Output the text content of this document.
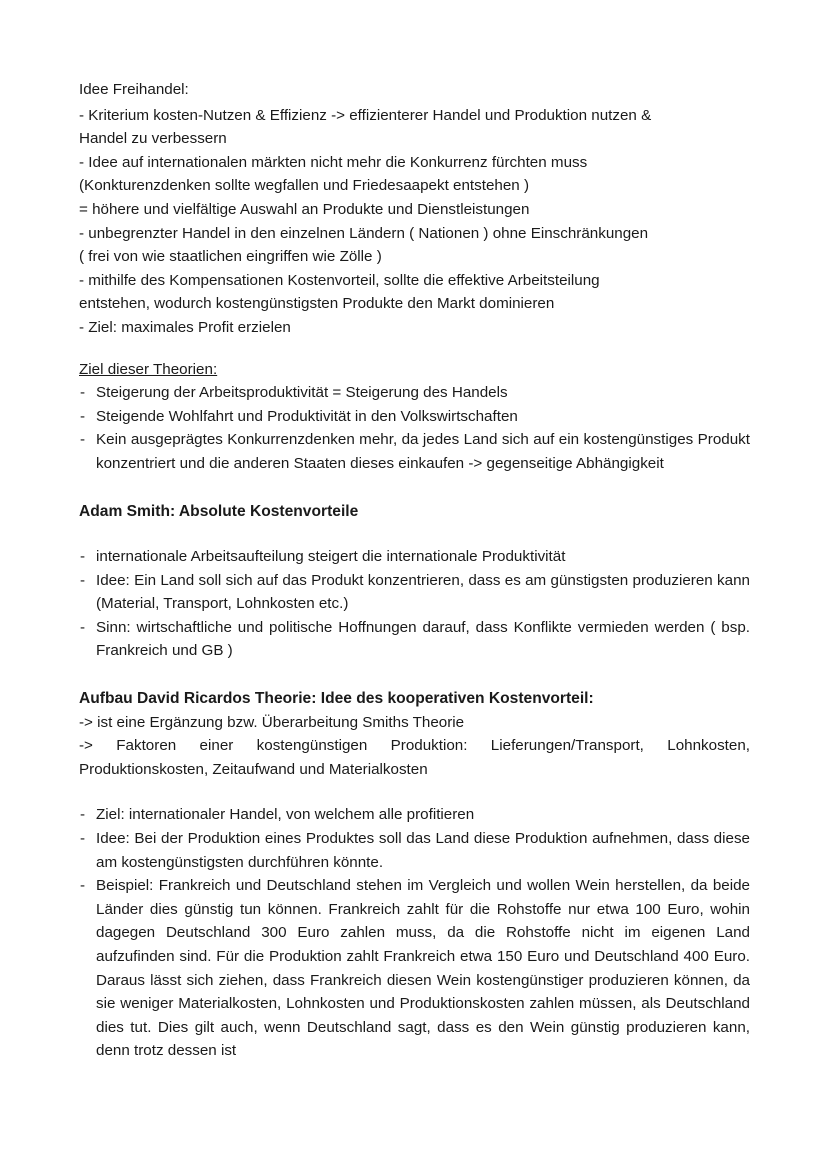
Idee Freihandel:
- Kriterium kosten-Nutzen & Effizienz -> effizienterer Handel und Produktion nutzen &
Handel zu verbessern
- Idee auf internationalen märkten nicht mehr die Konkurrenz fürchten muss
(Konkturenzdenken sollte wegfallen und Friedesaapekt entstehen )
= höhere und vielfältige Auswahl an Produkte und Dienstleistungen
- unbegrenzter Handel in den einzelnen Ländern ( Nationen ) ohne Einschränkungen
( frei von wie staatlichen eingriffen wie Zölle )
- mithilfe des Kompensationen Kostenvorteil, sollte die effektive Arbeitsteilung
entstehen, wodurch kostengünstigsten Produkte den Markt dominieren
- Ziel: maximales Profit erzielen
Ziel dieser Theorien:
- Steigerung der Arbeitsproduktivität = Steigerung des Handels
- Steigende Wohlfahrt und Produktivität in den Volkswirtschaften
- Kein ausgeprägtes Konkurrenzdenken mehr, da jedes Land sich auf ein kostengünstiges Produkt konzentriert und die anderen Staaten dieses einkaufen -> gegenseitige Abhängigkeit
Adam Smith: Absolute Kostenvorteile
- internationale Arbeitsaufteilung steigert die internationale Produktivität
- Idee: Ein Land soll sich auf das Produkt konzentrieren, dass es am günstigsten produzieren kann (Material, Transport, Lohnkosten etc.)
- Sinn: wirtschaftliche und politische Hoffnungen darauf, dass Konflikte vermieden werden ( bsp. Frankreich und GB )
Aufbau David Ricardos Theorie: Idee des kooperativen Kostenvorteil:
-> ist eine Ergänzung bzw. Überarbeitung Smiths Theorie
-> Faktoren einer kostengünstigen Produktion: Lieferungen/Transport, Lohnkosten, Produktionskosten, Zeitaufwand und Materialkosten
- Ziel: internationaler Handel, von welchem alle profitieren
- Idee: Bei der Produktion eines Produktes soll das Land diese Produktion aufnehmen, dass diese am kostengünstigsten durchführen könnte.
- Beispiel: Frankreich und Deutschland stehen im Vergleich und wollen Wein herstellen, da beide Länder dies günstig tun können. Frankreich zahlt für die Rohstoffe nur etwa 100 Euro, wohin dagegen Deutschland 300 Euro zahlen muss, da die Rohstoffe nicht im eigenen Land aufzufinden sind. Für die Produktion zahlt Frankreich etwa 150 Euro und Deutschland 400 Euro. Daraus lässt sich ziehen, dass Frankreich diesen Wein kostengünstiger produzieren können, da sie weniger Materialkosten, Lohnkosten und Produktionskosten zahlen müssen, als Deutschland dies tut. Dies gilt auch, wenn Deutschland sagt, dass es den Wein günstig produzieren kann, denn trotz dessen ist
